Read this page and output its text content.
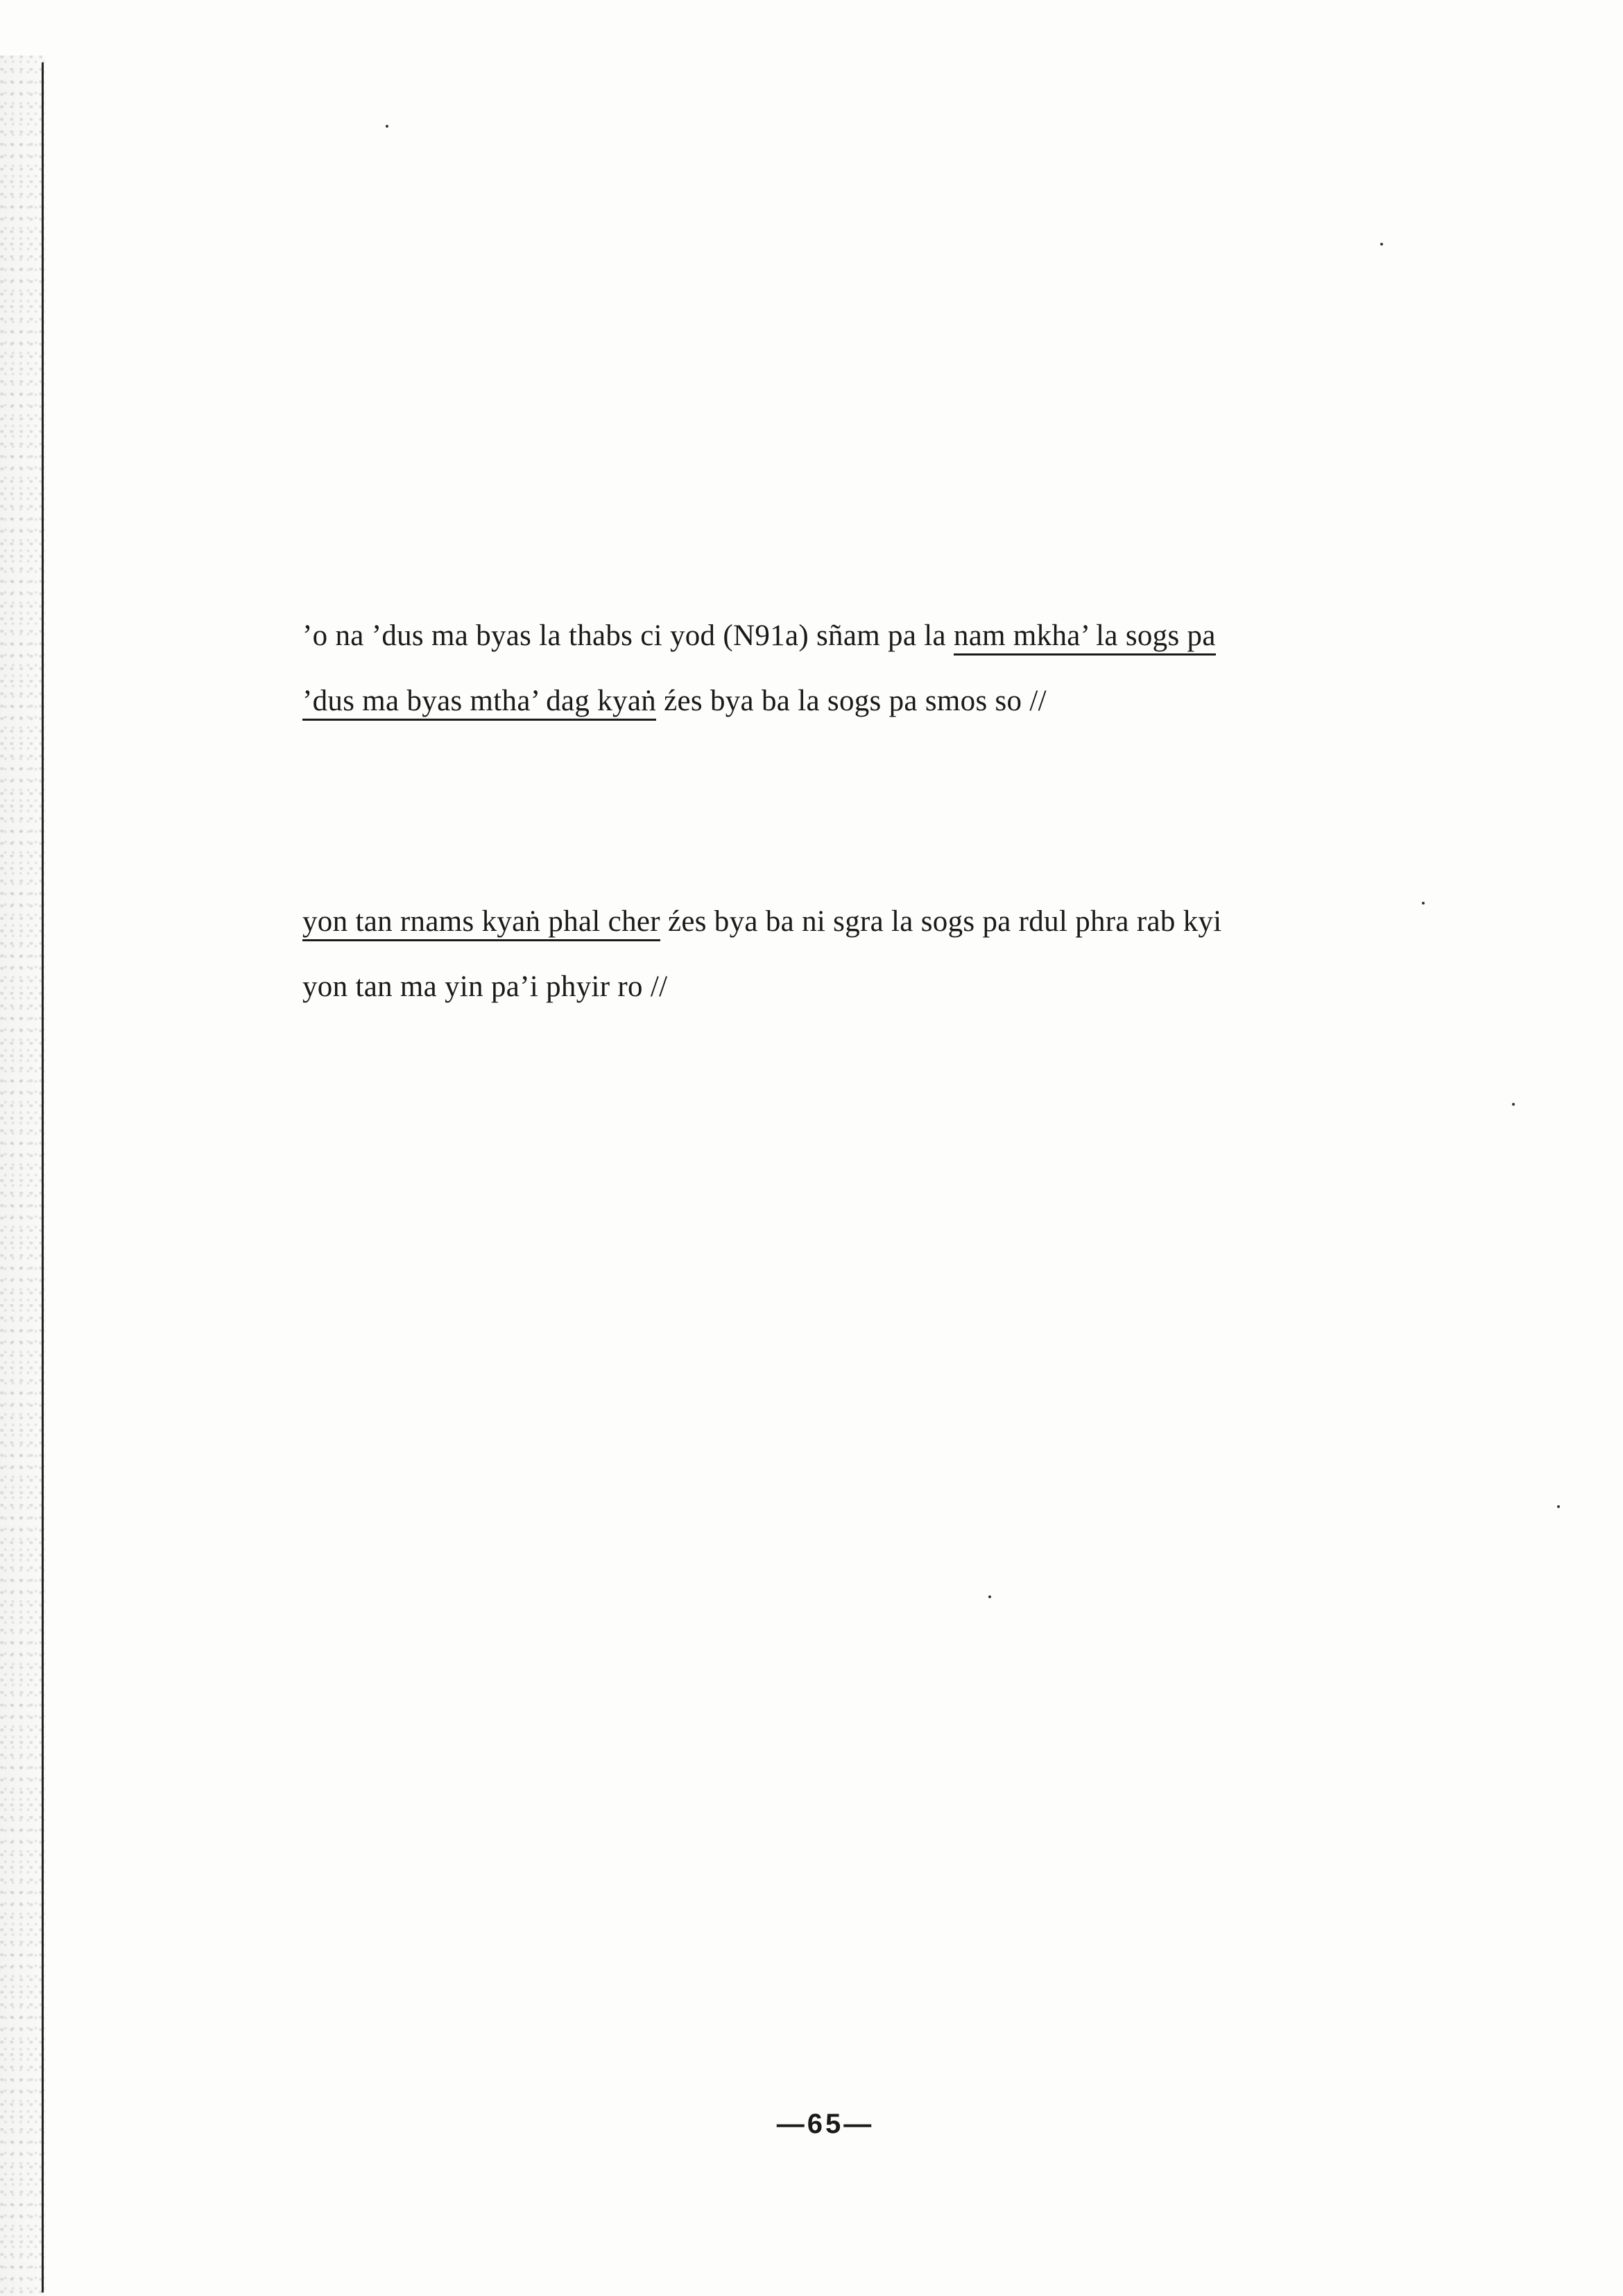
’o na ’dus ma byas la thabs ci yod (N91a) sñam pa la nam mkha’ la sogs pa

’dus ma byas mtha’ dag kyaṅ źes bya ba la sogs pa smos so //

yon tan rnams kyaṅ phal cher źes bya ba ni sgra la sogs pa rdul phra rab kyi

yon tan ma yin pa’i phyir ro //

—65—
